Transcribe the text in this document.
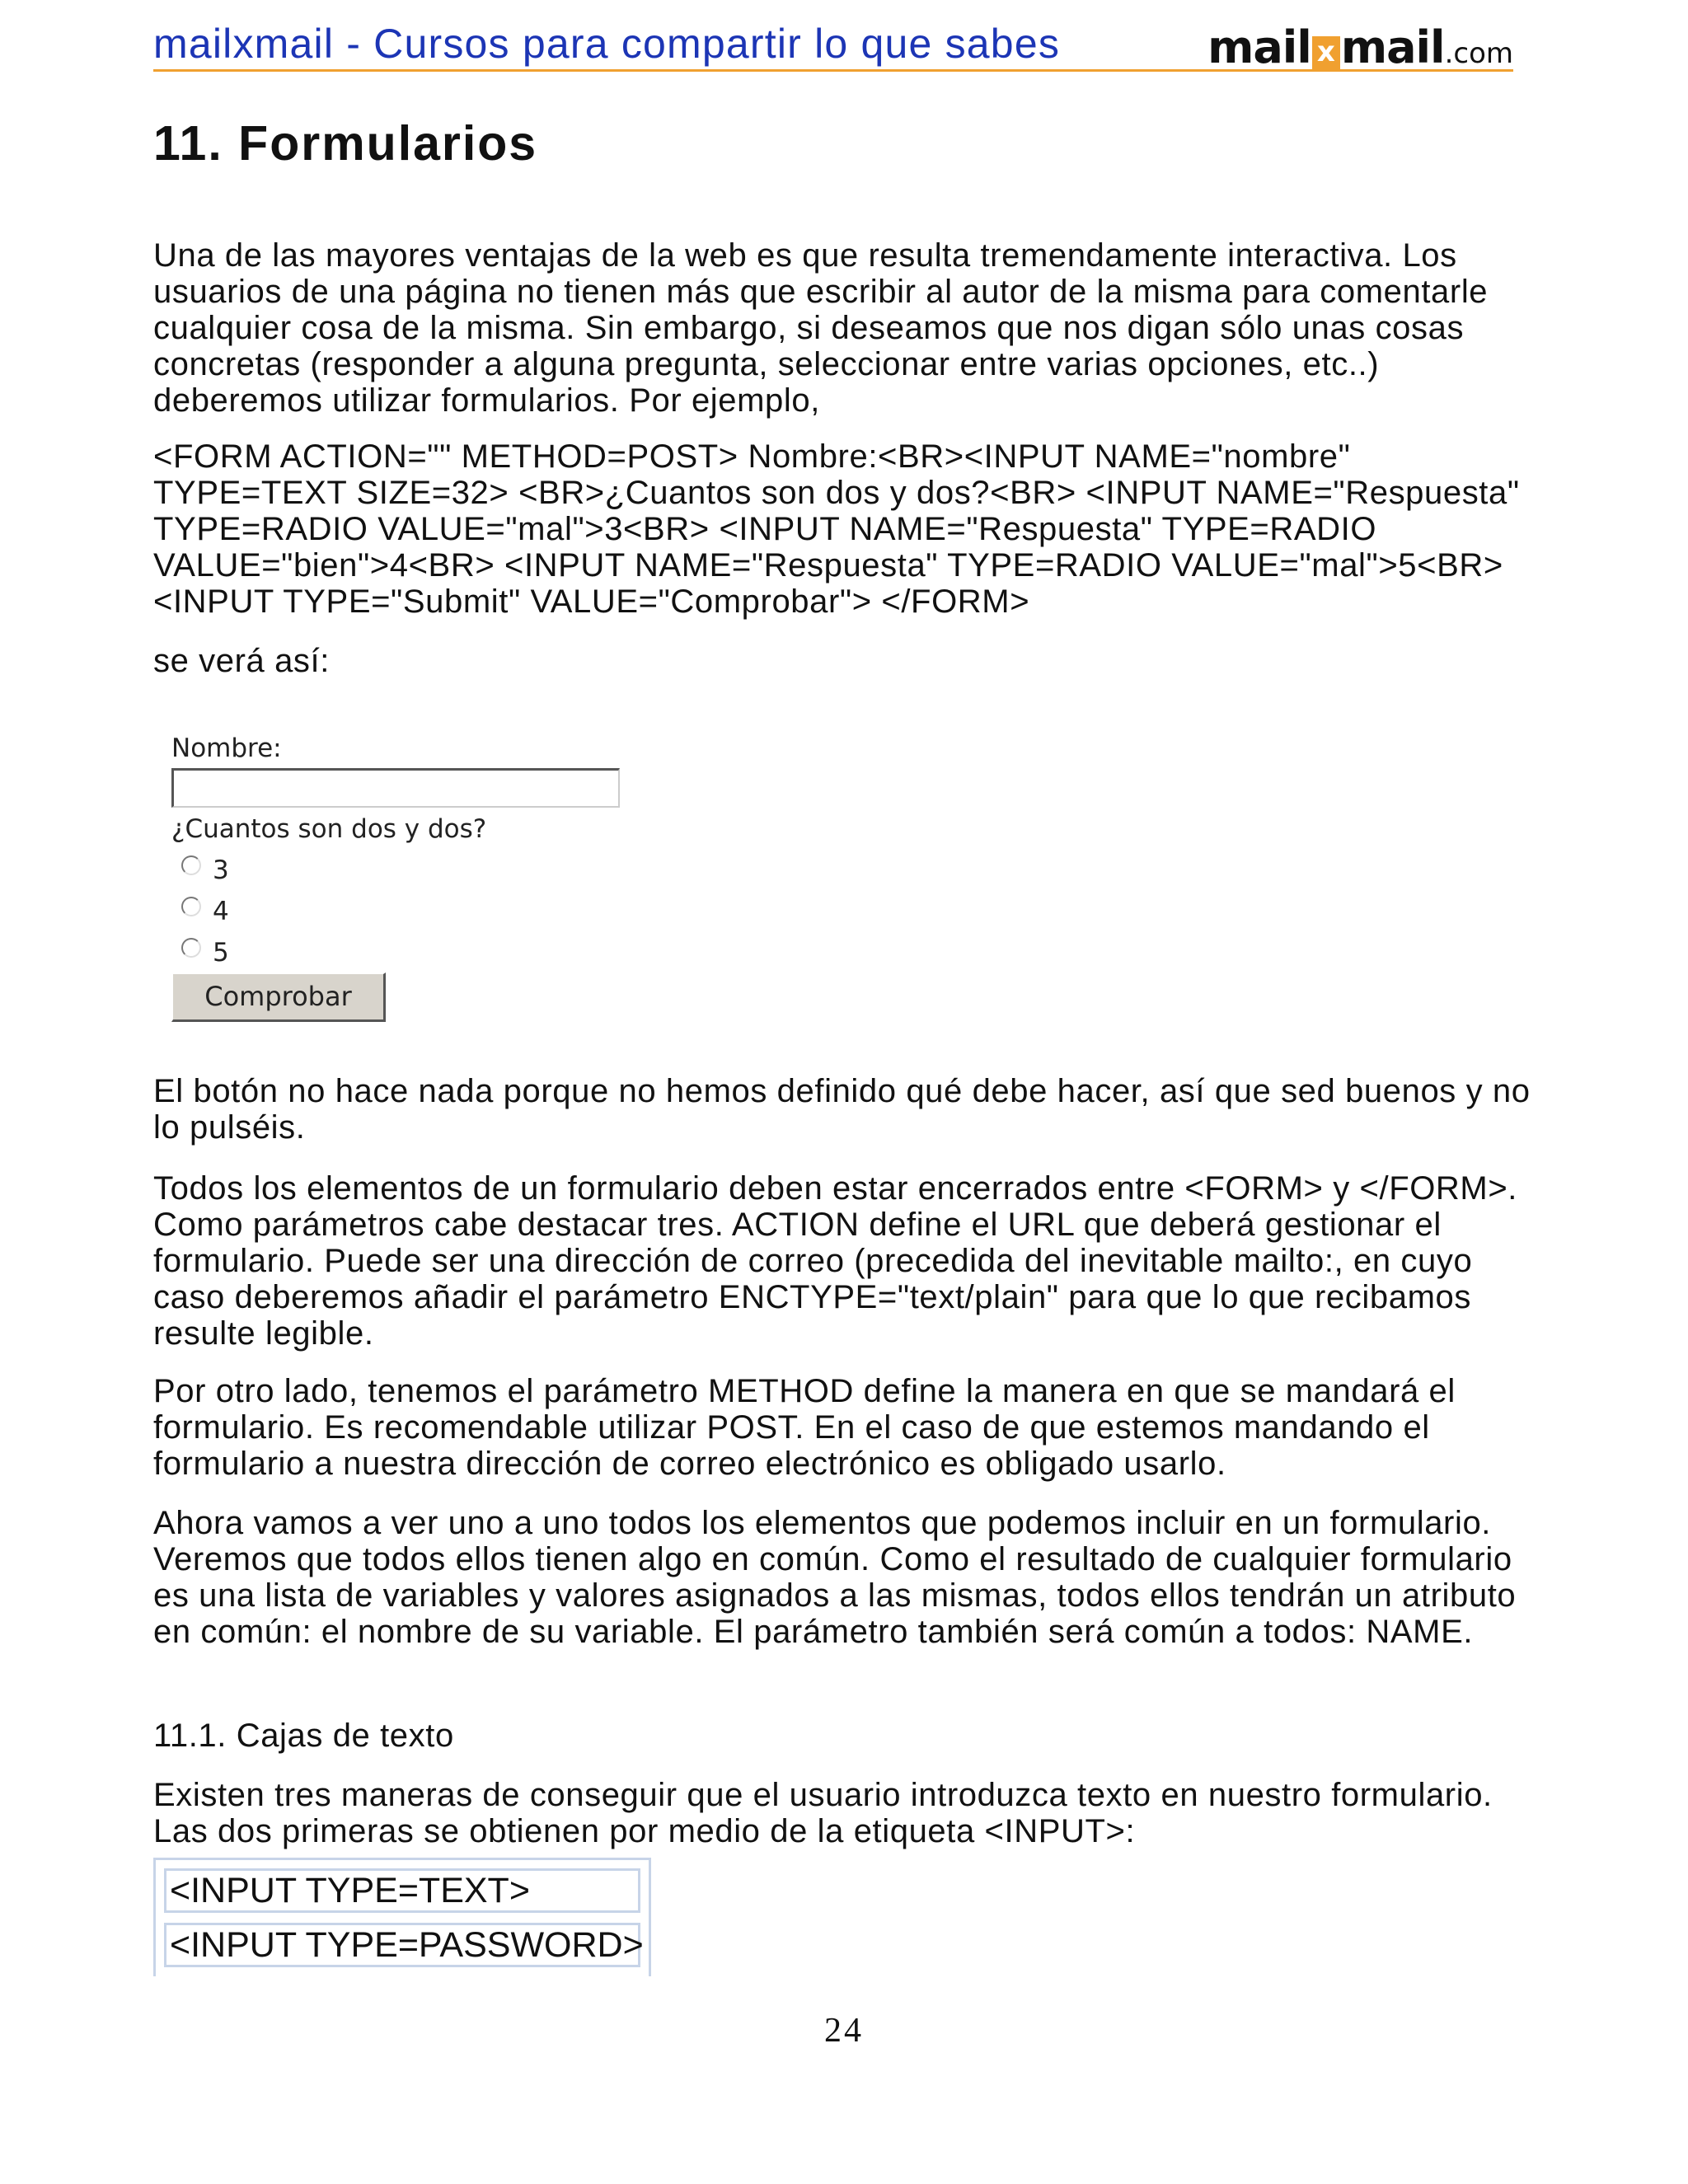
mailxmail - Cursos para compartir lo que sabes	mail x mail.com
11. Formularios

Una de las mayores ventajas de la web es que resulta tremendamente interactiva. Los usuarios de una página no tienen más que escribir al autor de la misma para comentarle cualquier cosa de la misma. Sin embargo, si deseamos que nos digan sólo unas cosas concretas (responder a alguna pregunta, seleccionar entre varias opciones, etc..) deberemos utilizar formularios. Por ejemplo,

<FORM ACTION="" METHOD=POST> Nombre:<BR><INPUT NAME="nombre" TYPE=TEXT SIZE=32> <BR>¿Cuantos son dos y dos?<BR> <INPUT NAME="Respuesta" TYPE=RADIO VALUE="mal">3<BR> <INPUT NAME="Respuesta" TYPE=RADIO VALUE="bien">4<BR> <INPUT NAME="Respuesta" TYPE=RADIO VALUE="mal">5<BR> <INPUT TYPE="Submit" VALUE="Comprobar"> </FORM>

se verá así:

El botón no hace nada porque no hemos definido qué debe hacer, así que sed buenos y no lo pulséis.

Todos los elementos de un formulario deben estar encerrados entre <FORM> y </FORM>. Como parámetros cabe destacar tres. ACTION define el URL que deberá gestionar el formulario. Puede ser una dirección de correo (precedida del inevitable mailto:, en cuyo caso deberemos añadir el parámetro ENCTYPE="text/plain" para que lo que recibamos resulte legible.

Por otro lado, tenemos el parámetro METHOD define la manera en que se mandará el formulario. Es recomendable utilizar POST. En el caso de que estemos mandando el formulario a nuestra dirección de correo electrónico es obligado usarlo.

Ahora vamos a ver uno a uno todos los elementos que podemos incluir en un formulario. Veremos que todos ellos tienen algo en común. Como el resultado de cualquier formulario es una lista de variables y valores asignados a las mismas, todos ellos tendrán un atributo en común: el nombre de su variable. El parámetro también será común a todos: NAME.

11.1. Cajas de texto

Existen tres maneras de conseguir que el usuario introduzca texto en nuestro formulario. Las dos primeras se obtienen por medio de la etiqueta <INPUT>:

Nombre:
¿Cuantos son dos y dos?
3
4
5
Comprobar
<INPUT TYPE=TEXT>
<INPUT TYPE=PASSWORD>
24
